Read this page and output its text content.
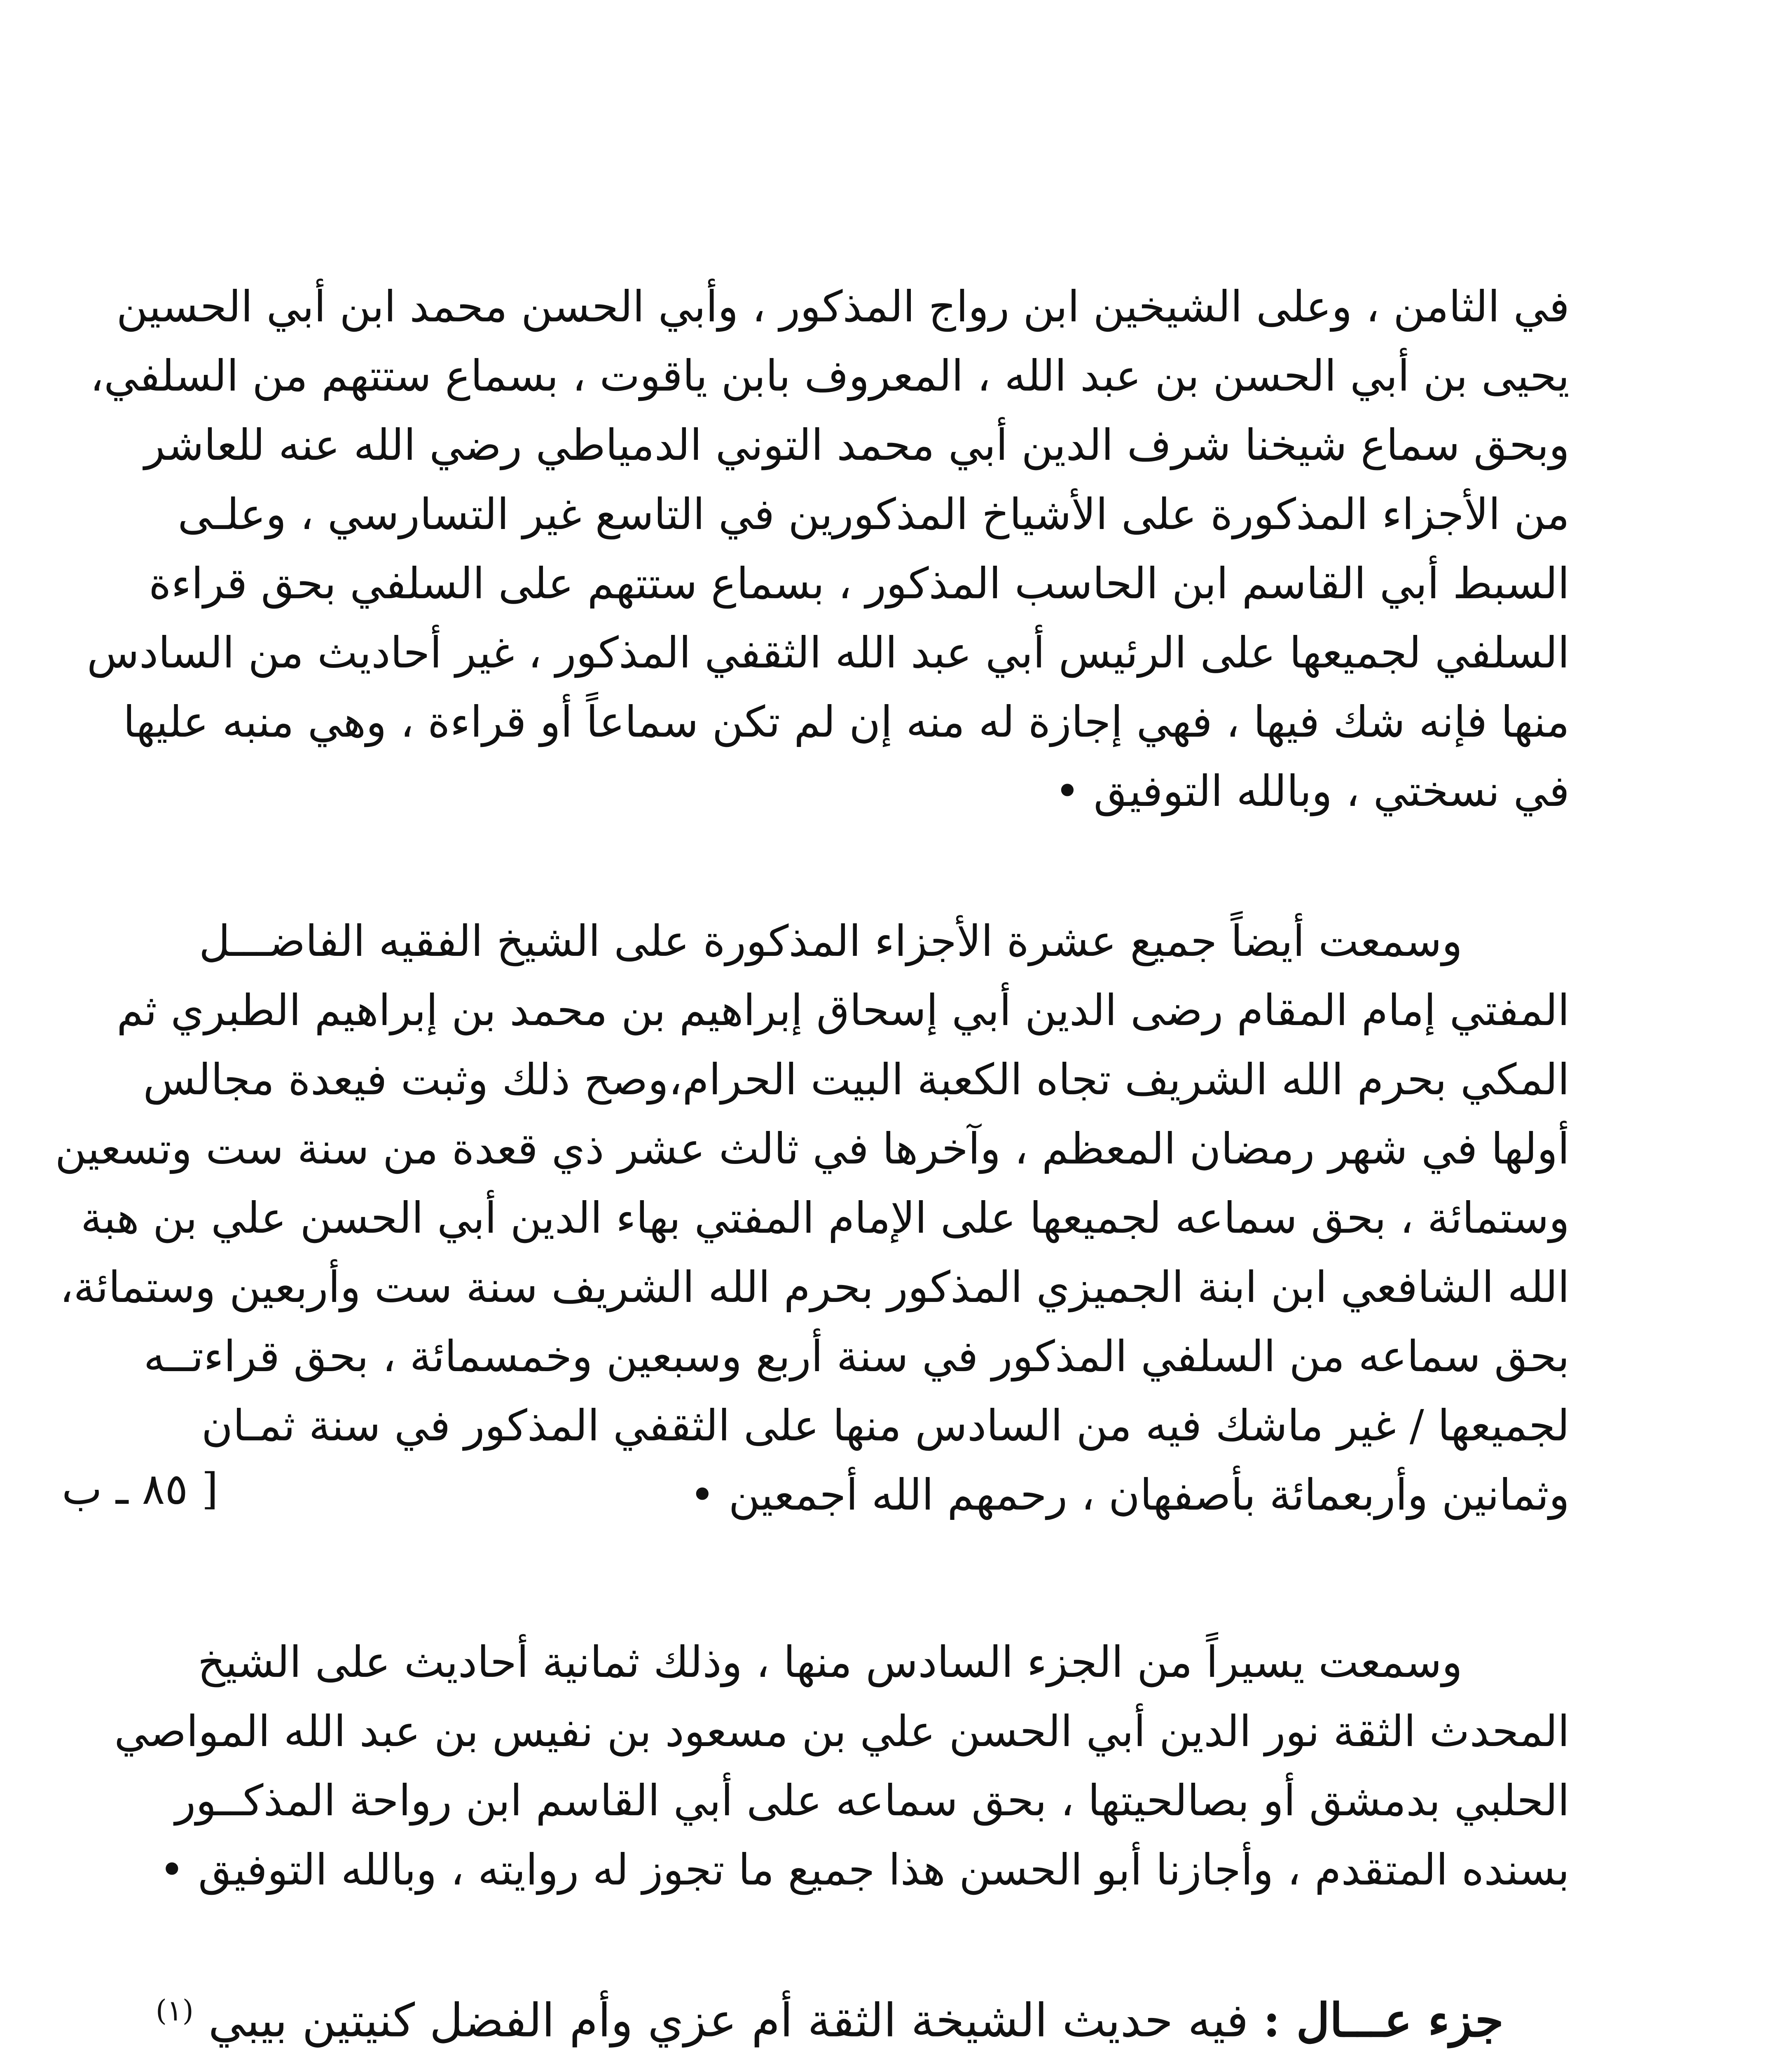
في الثامن ، وعلى الشيخين ابن رواج المذكور ، وأبي الحسن محمد ابن أبي الحسين
يحيى بن أبي الحسن بن عبد الله ، المعروف بابن ياقوت ، بسماع ستتهم من السلفي،
وبحق سماع شيخنا شرف الدين أبي محمد التوني الدمياطي رضي الله عنه للعاشر
من الأجزاء المذكورة على الأشياخ المذكورين في التاسع غير التسارسي ، وعلـى
السبط أبي القاسم ابن الحاسب المذكور ، بسماع ستتهم على السلفي بحق قراءة
السلفي لجميعها على الرئيس أبي عبد الله الثقفي المذكور ، غير أحاديث من السادس
منها فإنه شك فيها ، فهي إجازة له منه إن لم تكن سماعاً أو قراءة ، وهي منبه عليها
في نسختي ، وبالله التوفيق •
وسمعت أيضاً جميع عشرة الأجزاء المذكورة على الشيخ الفقيه الفاضـــل
المفتي إمام المقام رضى الدين أبي إسحاق إبراهيم بن محمد بن إبراهيم الطبري ثم
المكي بحرم الله الشريف تجاه الكعبة البيت الحرام،وصح ذلك وثبت فيعدة مجالس
أولها في شهر رمضان المعظم ، وآخرها في ثالث عشر ذي قعدة من سنة ست وتسعين
وستمائة ، بحق سماعه لجميعها على الإمام المفتي بهاء الدين أبي الحسن علي بن هبة
الله الشافعي ابن ابنة الجميزي المذكور بحرم الله الشريف سنة ست وأربعين وستمائة،
بحق سماعه من السلفي المذكور في سنة أربع وسبعين وخمسمائة ، بحق قراءتــه
لجميعها / غير ماشك فيه من السادس منها على الثقفي المذكور في سنة ثمـان
وثمانين وأربعمائة بأصفهان ، رحمهم الله أجمعين •
[ ٨٥ ـ ب
وسمعت يسيراً من الجزء السادس منها ، وذلك ثمانية أحاديث على الشيخ
المحدث الثقة نور الدين أبي الحسن علي بن مسعود بن نفيس بن عبد الله المواصي
الحلبي بدمشق أو بصالحيتها ، بحق سماعه على أبي القاسم ابن رواحة المذكــور
بسنده المتقدم ، وأجازنا أبو الحسن هذا جميع ما تجوز له روايته ، وبالله التوفيق •
جزء عـــال : فيه حديث الشيخة الثقة أم عزي وأم الفضل كنيتين بيبي $^{(١)}$
